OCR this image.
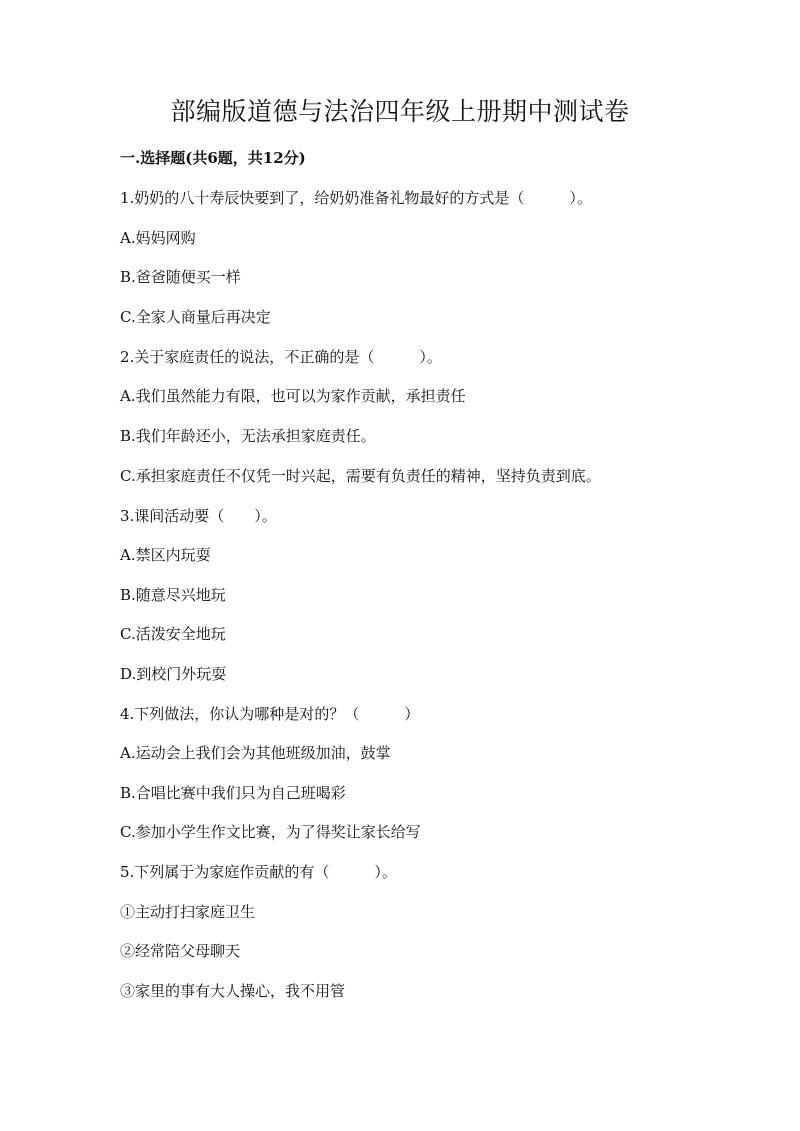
部编版道德与法治四年级上册期中测试卷
一.选择题(共6题，共12分)

1.奶奶的八十寿辰快要到了，给奶奶准备礼物最好的方式是（　　　）。

A.妈妈网购

B.爸爸随便买一样

C.全家人商量后再决定

2.关于家庭责任的说法，不正确的是（　　　）。

A.我们虽然能力有限，也可以为家作贡献，承担责任

B.我们年龄还小，无法承担家庭责任。

C.承担家庭责任不仅凭一时兴起，需要有负责任的精神，坚持负责到底。

3.课间活动要（　　）。

A.禁区内玩耍

B.随意尽兴地玩

C.活泼安全地玩

D.到校门外玩耍

4.下列做法，你认为哪种是对的？（　　　）

A.运动会上我们会为其他班级加油，鼓掌

B.合唱比赛中我们只为自己班喝彩

C.参加小学生作文比赛，为了得奖让家长给写

5.下列属于为家庭作贡献的有（　　　）。

①主动打扫家庭卫生

②经常陪父母聊天

③家里的事有大人操心，我不用管
